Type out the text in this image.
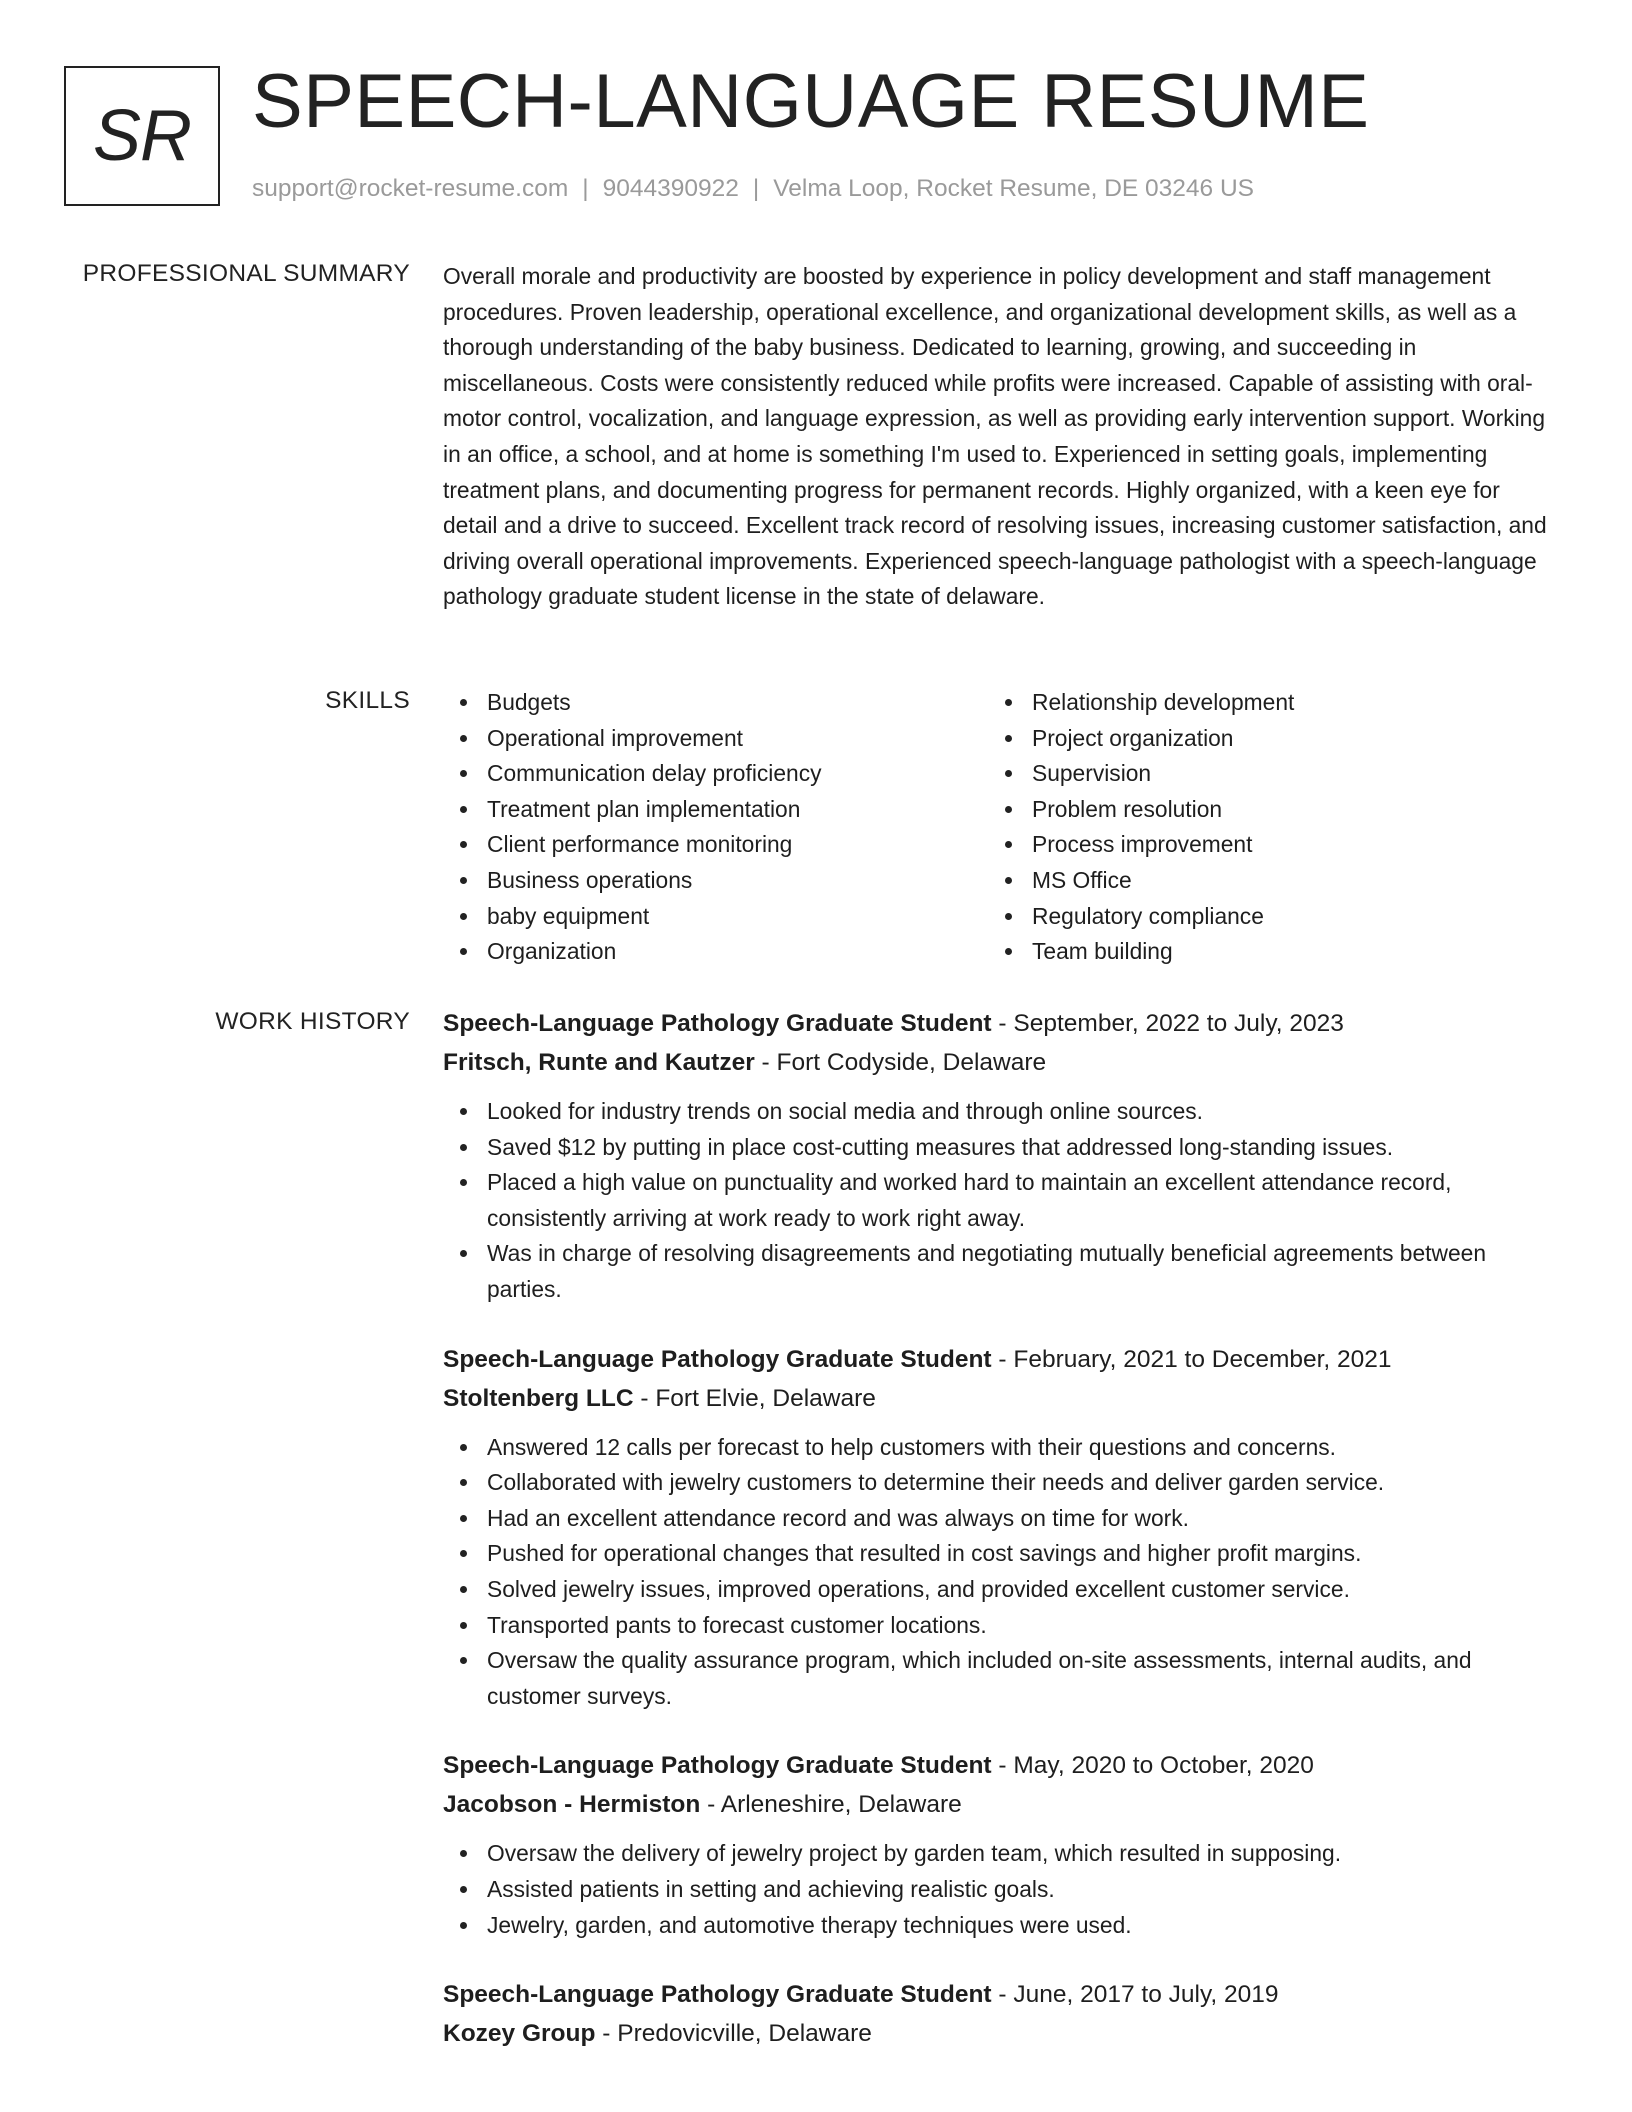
SR SPEECH-LANGUAGE RESUME
support@rocket-resume.com | 9044390922 | Velma Loop, Rocket Resume, DE 03246 US
PROFESSIONAL SUMMARY Overall morale and productivity are boosted by experience in policy development and staff management procedures. Proven leadership, operational excellence, and organizational development skills, as well as a thorough understanding of the baby business. Dedicated to learning, growing, and succeeding in miscellaneous. Costs were consistently reduced while profits were increased. Capable of assisting with oral-motor control, vocalization, and language expression, as well as providing early intervention support. Working in an office, a school, and at home is something I'm used to. Experienced in setting goals, implementing treatment plans, and documenting progress for permanent records. Highly organized, with a keen eye for detail and a drive to succeed. Excellent track record of resolving issues, increasing customer satisfaction, and driving overall operational improvements. Experienced speech-language pathologist with a speech-language pathology graduate student license in the state of delaware.

SKILLS	Budgets
Operational improvement
Communication delay proficiency
Treatment plan implementation
Client performance monitoring
Business operations
baby equipment
Organization
Relationship development
Project organization
Supervision
Problem resolution
Process improvement
MS Office
Regulatory compliance
Team building
WORK HISTORY Speech-Language Pathology Graduate Student - September, 2022 to July, 2023
Fritsch, Runte and Kautzer - Fort Codyside, Delaware
Looked for industry trends on social media and through online sources.
Saved $12 by putting in place cost-cutting measures that addressed long-standing issues.
Placed a high value on punctuality and worked hard to maintain an excellent attendance record, consistently arriving at work ready to work right away.
Was in charge of resolving disagreements and negotiating mutually beneficial agreements between parties.
Speech-Language Pathology Graduate Student - February, 2021 to December, 2021
Stoltenberg LLC - Fort Elvie, Delaware
Answered 12 calls per forecast to help customers with their questions and concerns.
Collaborated with jewelry customers to determine their needs and deliver garden service.
Had an excellent attendance record and was always on time for work.
Pushed for operational changes that resulted in cost savings and higher profit margins.
Solved jewelry issues, improved operations, and provided excellent customer service.
Transported pants to forecast customer locations.
Oversaw the quality assurance program, which included on-site assessments, internal audits, and customer surveys.
Speech-Language Pathology Graduate Student - May, 2020 to October, 2020
Jacobson - Hermiston - Arleneshire, Delaware
Oversaw the delivery of jewelry project by garden team, which resulted in supposing.
Assisted patients in setting and achieving realistic goals.
Jewelry, garden, and automotive therapy techniques were used.
Speech-Language Pathology Graduate Student - June, 2017 to July, 2019
Kozey Group - Predovicville, Delaware
